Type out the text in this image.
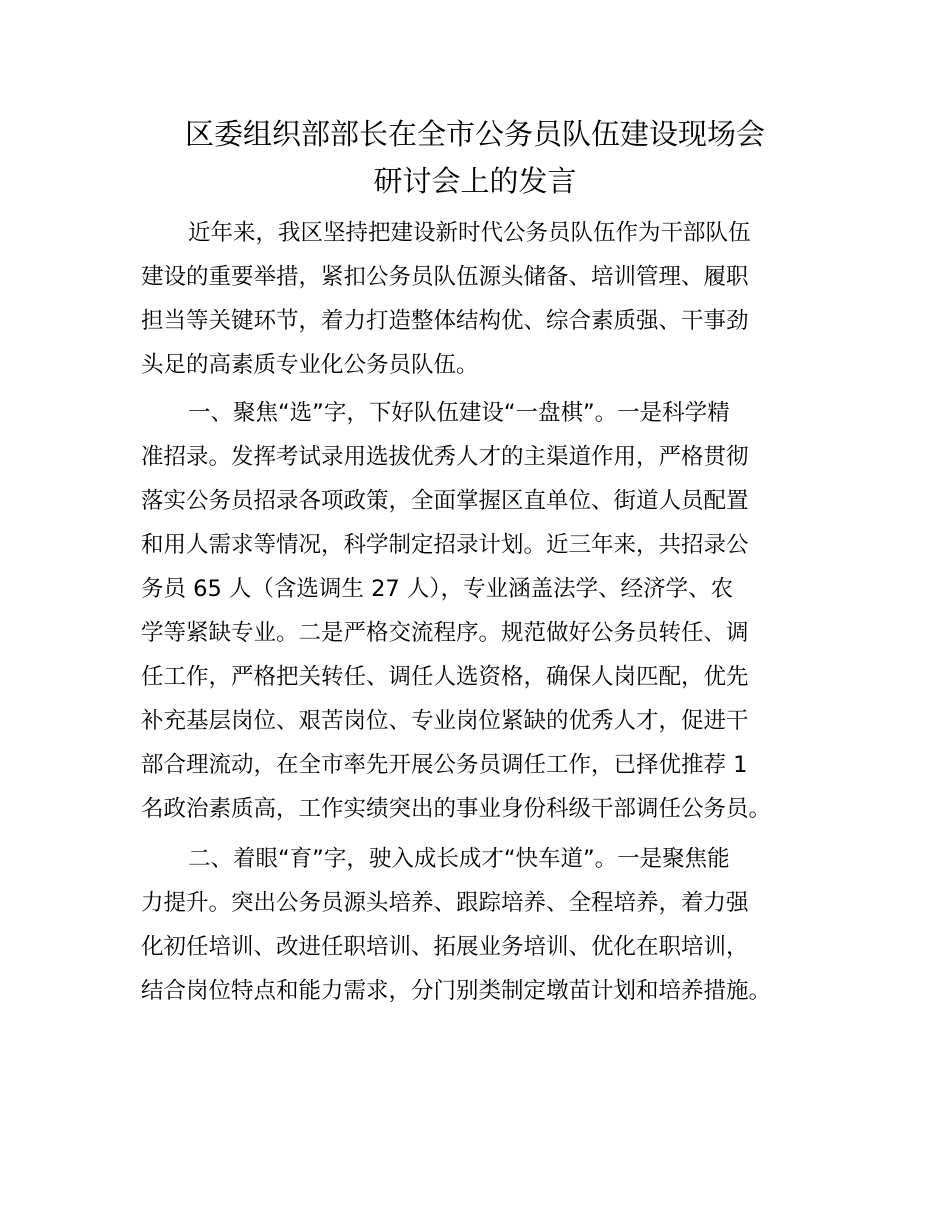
区委组织部部长在全市公务员队伍建设现场会
研讨会上的发言

近年来，我区坚持把建设新时代公务员队伍作为干部队伍

建设的重要举措，紧扣公务员队伍源头储备、培训管理、履职

担当等关键环节，着力打造整体结构优、综合素质强、干事劲

头足的高素质专业化公务员队伍。

一、聚焦“选”字，下好队伍建设“一盘棋”。一是科学精

准招录。发挥考试录用选拔优秀人才的主渠道作用，严格贯彻

落实公务员招录各项政策，全面掌握区直单位、街道人员配置

和用人需求等情况，科学制定招录计划。近三年来，共招录公

务员 65 人（含选调生 27 人），专业涵盖法学、经济学、农

学等紧缺专业。二是严格交流程序。规范做好公务员转任、调

任工作，严格把关转任、调任人选资格，确保人岗匹配，优先

补充基层岗位、艰苦岗位、专业岗位紧缺的优秀人才，促进干

部合理流动，在全市率先开展公务员调任工作，已择优推荐 1

名政治素质高，工作实绩突出的事业身份科级干部调任公务员。

二、着眼“育”字，驶入成长成才“快车道”。一是聚焦能

力提升。突出公务员源头培养、跟踪培养、全程培养，着力强

化初任培训、改进任职培训、拓展业务培训、优化在职培训，

结合岗位特点和能力需求，分门别类制定墩苗计划和培养措施。
